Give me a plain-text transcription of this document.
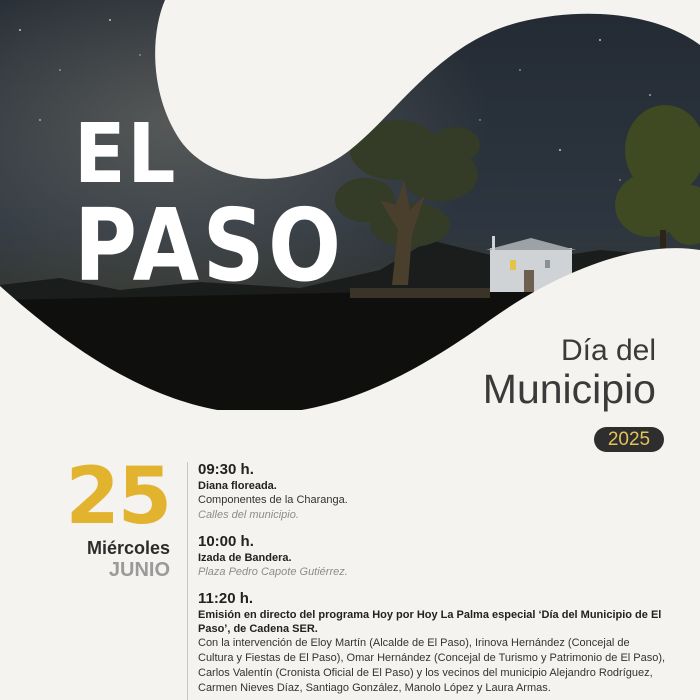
EL
PASO
Día del
Municipio
2025
25
Miércoles
JUNIO
09:30 h.
Diana floreada.
Componentes de la Charanga.
Calles del municipio.
10:00 h.
Izada de Bandera.
Plaza Pedro Capote Gutiérrez.
11:20 h.
Emisión en directo del programa Hoy por Hoy La Palma especial ‘Día del Municipio de El Paso’, de Cadena SER.
Con la intervención de Eloy Martín (Alcalde de El Paso), Irinova Hernández (Concejal de Cultura y Fiestas de El Paso), Omar Hernández (Concejal de Turismo y Patrimonio de El Paso), Carlos Valentín (Cronista Oficial de El Paso) y los vecinos del municipio Alejandro Rodríguez, Carmen Nieves Díaz, Santiago González, Manolo López y Laura Armas.
